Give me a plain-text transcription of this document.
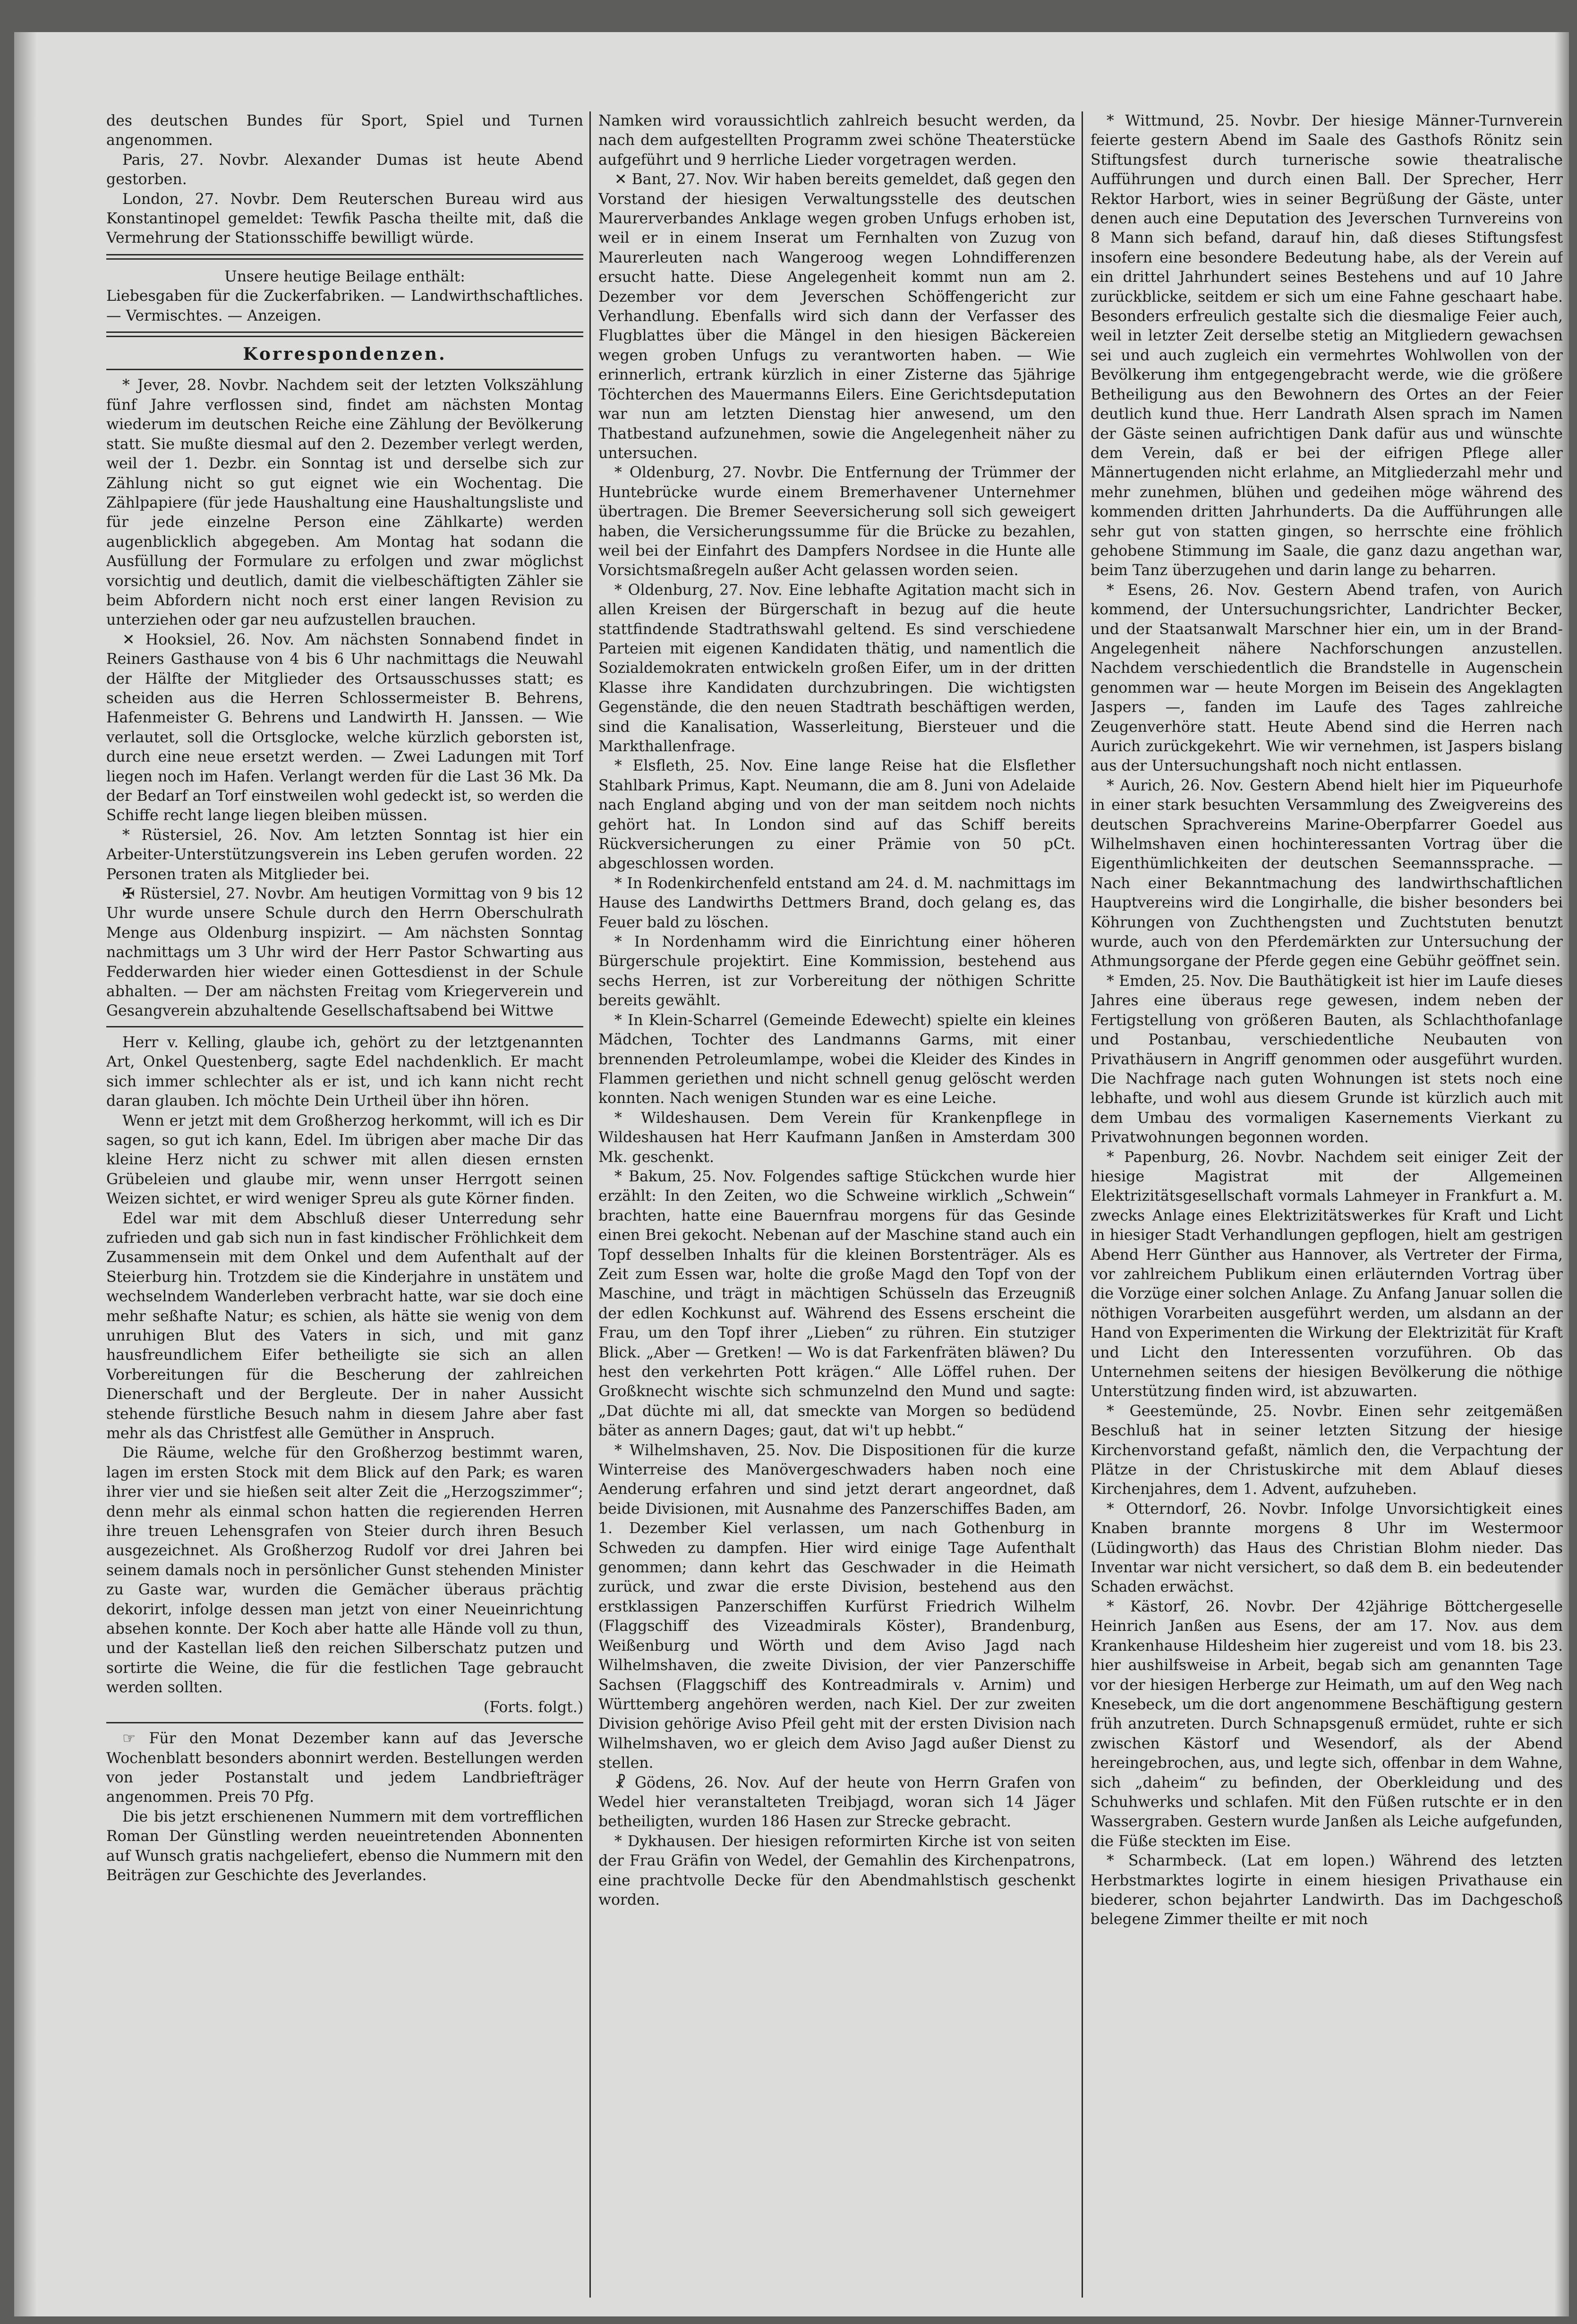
des deutschen Bundes für Sport, Spiel und Turnen angenommen.

Paris, 27. Novbr. Alexander Dumas ist heute Abend gestorben.

London, 27. Novbr. Dem Reuterschen Bureau wird aus Konstantinopel gemeldet: Tewfik Pascha theilte mit, daß die Vermehrung der Stationsschiffe bewilligt würde.

Unsere heutige Beilage enthält:

Liebesgaben für die Zuckerfabriken. — Landwirthschaftliches. — Vermischtes. — Anzeigen.

Korrespondenzen.

* Jever, 28. Novbr. Nachdem seit der letzten Volkszählung fünf Jahre verflossen sind, findet am nächsten Montag wiederum im deutschen Reiche eine Zählung der Bevölkerung statt. Sie mußte diesmal auf den 2. Dezember verlegt werden, weil der 1. Dezbr. ein Sonntag ist und derselbe sich zur Zählung nicht so gut eignet wie ein Wochentag. Die Zählpapiere (für jede Haushaltung eine Haushaltungsliste und für jede einzelne Person eine Zählkarte) werden augenblicklich abgegeben. Am Montag hat sodann die Ausfüllung der Formulare zu erfolgen und zwar möglichst vorsichtig und deutlich, damit die vielbeschäftigten Zähler sie beim Abfordern nicht noch erst einer langen Revision zu unterziehen oder gar neu aufzustellen brauchen.

✕ Hooksiel, 26. Nov. Am nächsten Sonnabend findet in Reiners Gasthause von 4 bis 6 Uhr nachmittags die Neuwahl der Hälfte der Mitglieder des Ortsausschusses statt; es scheiden aus die Herren Schlossermeister B. Behrens, Hafenmeister G. Behrens und Landwirth H. Janssen. — Wie verlautet, soll die Ortsglocke, welche kürzlich geborsten ist, durch eine neue ersetzt werden. — Zwei Ladungen mit Torf liegen noch im Hafen. Verlangt werden für die Last 36 Mk. Da der Bedarf an Torf einstweilen wohl gedeckt ist, so werden die Schiffe recht lange liegen bleiben müssen.

* Rüstersiel, 26. Nov. Am letzten Sonntag ist hier ein Arbeiter-Unterstützungsverein ins Leben gerufen worden. 22 Personen traten als Mitglieder bei.

✠ Rüstersiel, 27. Novbr. Am heutigen Vormittag von 9 bis 12 Uhr wurde unsere Schule durch den Herrn Oberschulrath Menge aus Oldenburg inspizirt. — Am nächsten Sonntag nachmittags um 3 Uhr wird der Herr Pastor Schwarting aus Fedderwarden hier wieder einen Gottesdienst in der Schule abhalten. — Der am nächsten Freitag vom Kriegerverein und Gesangverein abzuhaltende Gesellschaftsabend bei Wittwe

Herr v. Kelling, glaube ich, gehört zu der letztgenannten Art, Onkel Questenberg, sagte Edel nachdenklich. Er macht sich immer schlechter als er ist, und ich kann nicht recht daran glauben. Ich möchte Dein Urtheil über ihn hören.

Wenn er jetzt mit dem Großherzog herkommt, will ich es Dir sagen, so gut ich kann, Edel. Im übrigen aber mache Dir das kleine Herz nicht zu schwer mit allen diesen ernsten Grübeleien und glaube mir, wenn unser Herrgott seinen Weizen sichtet, er wird weniger Spreu als gute Körner finden.

Edel war mit dem Abschluß dieser Unterredung sehr zufrieden und gab sich nun in fast kindischer Fröhlichkeit dem Zusammensein mit dem Onkel und dem Aufenthalt auf der Steierburg hin. Trotzdem sie die Kinderjahre in unstätem und wechselndem Wanderleben verbracht hatte, war sie doch eine mehr seßhafte Natur; es schien, als hätte sie wenig von dem unruhigen Blut des Vaters in sich, und mit ganz hausfreundlichem Eifer betheiligte sie sich an allen Vorbereitungen für die Bescherung der zahlreichen Dienerschaft und der Bergleute. Der in naher Aussicht stehende fürstliche Besuch nahm in diesem Jahre aber fast mehr als das Christfest alle Gemüther in Anspruch.

Die Räume, welche für den Großherzog bestimmt waren, lagen im ersten Stock mit dem Blick auf den Park; es waren ihrer vier und sie hießen seit alter Zeit die „Herzogszimmer“; denn mehr als einmal schon hatten die regierenden Herren ihre treuen Lehensgrafen von Steier durch ihren Besuch ausgezeichnet. Als Großherzog Rudolf vor drei Jahren bei seinem damals noch in persönlicher Gunst stehenden Minister zu Gaste war, wurden die Gemächer überaus prächtig dekorirt, infolge dessen man jetzt von einer Neueinrichtung absehen konnte. Der Koch aber hatte alle Hände voll zu thun, und der Kastellan ließ den reichen Silberschatz putzen und sortirte die Weine, die für die festlichen Tage gebraucht werden sollten.

(Forts. folgt.)

☞ Für den Monat Dezember kann auf das Jeversche Wochenblatt besonders abonnirt werden. Bestellungen werden von jeder Postanstalt und jedem Landbriefträger angenommen. Preis 70 Pfg.

Die bis jetzt erschienenen Nummern mit dem vortrefflichen Roman Der Günstling werden neueintretenden Abonnenten auf Wunsch gratis nachgeliefert, ebenso die Nummern mit den Beiträgen zur Geschichte des Jeverlandes.

Namken wird voraussichtlich zahlreich besucht werden, da nach dem aufgestellten Programm zwei schöne Theaterstücke aufgeführt und 9 herrliche Lieder vorgetragen werden.

✕ Bant, 27. Nov. Wir haben bereits gemeldet, daß gegen den Vorstand der hiesigen Verwaltungsstelle des deutschen Maurerverbandes Anklage wegen groben Unfugs erhoben ist, weil er in einem Inserat um Fernhalten von Zuzug von Maurerleuten nach Wangeroog wegen Lohndifferenzen ersucht hatte. Diese Angelegenheit kommt nun am 2. Dezember vor dem Jeverschen Schöffengericht zur Verhandlung. Ebenfalls wird sich dann der Verfasser des Flugblattes über die Mängel in den hiesigen Bäckereien wegen groben Unfugs zu verantworten haben. — Wie erinnerlich, ertrank kürzlich in einer Zisterne das 5jährige Töchterchen des Mauermanns Eilers. Eine Gerichtsdeputation war nun am letzten Dienstag hier anwesend, um den Thatbestand aufzunehmen, sowie die Angelegenheit näher zu untersuchen.

* Oldenburg, 27. Novbr. Die Entfernung der Trümmer der Huntebrücke wurde einem Bremerhavener Unternehmer übertragen. Die Bremer Seeversicherung soll sich geweigert haben, die Versicherungssumme für die Brücke zu bezahlen, weil bei der Einfahrt des Dampfers Nordsee in die Hunte alle Vorsichtsmaßregeln außer Acht gelassen worden seien.

* Oldenburg, 27. Nov. Eine lebhafte Agitation macht sich in allen Kreisen der Bürgerschaft in bezug auf die heute stattfindende Stadtrathswahl geltend. Es sind verschiedene Parteien mit eigenen Kandidaten thätig, und namentlich die Sozialdemokraten entwickeln großen Eifer, um in der dritten Klasse ihre Kandidaten durchzubringen. Die wichtigsten Gegenstände, die den neuen Stadtrath beschäftigen werden, sind die Kanalisation, Wasserleitung, Biersteuer und die Markthallenfrage.

* Elsfleth, 25. Nov. Eine lange Reise hat die Elsflether Stahlbark Primus, Kapt. Neumann, die am 8. Juni von Adelaide nach England abging und von der man seitdem noch nichts gehört hat. In London sind auf das Schiff bereits Rückversicherungen zu einer Prämie von 50 pCt. abgeschlossen worden.

* In Rodenkirchenfeld entstand am 24. d. M. nachmittags im Hause des Landwirths Dettmers Brand, doch gelang es, das Feuer bald zu löschen.

* In Nordenhamm wird die Einrichtung einer höheren Bürgerschule projektirt. Eine Kommission, bestehend aus sechs Herren, ist zur Vorbereitung der nöthigen Schritte bereits gewählt.

* In Klein-Scharrel (Gemeinde Edewecht) spielte ein kleines Mädchen, Tochter des Landmanns Garms, mit einer brennenden Petroleumlampe, wobei die Kleider des Kindes in Flammen geriethen und nicht schnell genug gelöscht werden konnten. Nach wenigen Stunden war es eine Leiche.

* Wildeshausen. Dem Verein für Krankenpflege in Wildeshausen hat Herr Kaufmann Janßen in Amsterdam 300 Mk. geschenkt.

* Bakum, 25. Nov. Folgendes saftige Stückchen wurde hier erzählt: In den Zeiten, wo die Schweine wirklich „Schwein“ brachten, hatte eine Bauernfrau morgens für das Gesinde einen Brei gekocht. Nebenan auf der Maschine stand auch ein Topf desselben Inhalts für die kleinen Borstenträger. Als es Zeit zum Essen war, holte die große Magd den Topf von der Maschine, und trägt in mächtigen Schüsseln das Erzeugniß der edlen Kochkunst auf. Während des Essens erscheint die Frau, um den Topf ihrer „Lieben“ zu rühren. Ein stutziger Blick. „Aber — Gretken! — Wo is dat Farkenfräten bläwen? Du hest den verkehrten Pott krägen.“ Alle Löffel ruhen. Der Großknecht wischte sich schmunzelnd den Mund und sagte: „Dat düchte mi all, dat smeckte van Morgen so bedüdend bäter as annern Dages; gaut, dat wi't up hebbt.“

* Wilhelmshaven, 25. Nov. Die Dispositionen für die kurze Winterreise des Manövergeschwaders haben noch eine Aenderung erfahren und sind jetzt derart angeordnet, daß beide Divisionen, mit Ausnahme des Panzerschiffes Baden, am 1. Dezember Kiel verlassen, um nach Gothenburg in Schweden zu dampfen. Hier wird einige Tage Aufenthalt genommen; dann kehrt das Geschwader in die Heimath zurück, und zwar die erste Division, bestehend aus den erstklassigen Panzerschiffen Kurfürst Friedrich Wilhelm (Flaggschiff des Vizeadmirals Köster), Brandenburg, Weißenburg und Wörth und dem Aviso Jagd nach Wilhelmshaven, die zweite Division, der vier Panzerschiffe Sachsen (Flaggschiff des Kontreadmirals v. Arnim) und Württemberg angehören werden, nach Kiel. Der zur zweiten Division gehörige Aviso Pfeil geht mit der ersten Division nach Wilhelmshaven, wo er gleich dem Aviso Jagd außer Dienst zu stellen.

☧ Gödens, 26. Nov. Auf der heute von Herrn Grafen von Wedel hier veranstalteten Treibjagd, woran sich 14 Jäger betheiligten, wurden 186 Hasen zur Strecke gebracht.

* Dykhausen. Der hiesigen reformirten Kirche ist von seiten der Frau Gräfin von Wedel, der Gemahlin des Kirchenpatrons, eine prachtvolle Decke für den Abendmahlstisch geschenkt worden.

* Wittmund, 25. Novbr. Der hiesige Männer-Turnverein feierte gestern Abend im Saale des Gasthofs Rönitz sein Stiftungsfest durch turnerische sowie theatralische Aufführungen und durch einen Ball. Der Sprecher, Herr Rektor Harbort, wies in seiner Begrüßung der Gäste, unter denen auch eine Deputation des Jeverschen Turnvereins von 8 Mann sich befand, darauf hin, daß dieses Stiftungsfest insofern eine besondere Bedeutung habe, als der Verein auf ein drittel Jahrhundert seines Bestehens und auf 10 Jahre zurückblicke, seitdem er sich um eine Fahne geschaart habe. Besonders erfreulich gestalte sich die diesmalige Feier auch, weil in letzter Zeit derselbe stetig an Mitgliedern gewachsen sei und auch zugleich ein vermehrtes Wohlwollen von der Bevölkerung ihm entgegengebracht werde, wie die größere Betheiligung aus den Bewohnern des Ortes an der Feier deutlich kund thue. Herr Landrath Alsen sprach im Namen der Gäste seinen aufrichtigen Dank dafür aus und wünschte dem Verein, daß er bei der eifrigen Pflege aller Männertugenden nicht erlahme, an Mitgliederzahl mehr und mehr zunehmen, blühen und gedeihen möge während des kommenden dritten Jahrhunderts. Da die Aufführungen alle sehr gut von statten gingen, so herrschte eine fröhlich gehobene Stimmung im Saale, die ganz dazu angethan war, beim Tanz überzugehen und darin lange zu beharren.

* Esens, 26. Nov. Gestern Abend trafen, von Aurich kommend, der Untersuchungsrichter, Landrichter Becker, und der Staatsanwalt Marschner hier ein, um in der Brand-Angelegenheit nähere Nachforschungen anzustellen. Nachdem verschiedentlich die Brandstelle in Augenschein genommen war — heute Morgen im Beisein des Angeklagten Jaspers —, fanden im Laufe des Tages zahlreiche Zeugenverhöre statt. Heute Abend sind die Herren nach Aurich zurückgekehrt. Wie wir vernehmen, ist Jaspers bislang aus der Untersuchungshaft noch nicht entlassen.

* Aurich, 26. Nov. Gestern Abend hielt hier im Piqueurhofe in einer stark besuchten Versammlung des Zweigvereins des deutschen Sprachvereins Marine-Oberpfarrer Goedel aus Wilhelmshaven einen hochinteressanten Vortrag über die Eigenthümlichkeiten der deutschen Seemannssprache. — Nach einer Bekanntmachung des landwirthschaftlichen Hauptvereins wird die Longirhalle, die bisher besonders bei Köhrungen von Zuchthengsten und Zuchtstuten benutzt wurde, auch von den Pferdemärkten zur Untersuchung der Athmungsorgane der Pferde gegen eine Gebühr geöffnet sein.

* Emden, 25. Nov. Die Bauthätigkeit ist hier im Laufe dieses Jahres eine überaus rege gewesen, indem neben der Fertigstellung von größeren Bauten, als Schlachthofanlage und Postanbau, verschiedentliche Neubauten von Privathäusern in Angriff genommen oder ausgeführt wurden. Die Nachfrage nach guten Wohnungen ist stets noch eine lebhafte, und wohl aus diesem Grunde ist kürzlich auch mit dem Umbau des vormaligen Kasernements Vierkant zu Privatwohnungen begonnen worden.

* Papenburg, 26. Novbr. Nachdem seit einiger Zeit der hiesige Magistrat mit der Allgemeinen Elektrizitätsgesellschaft vormals Lahmeyer in Frankfurt a. M. zwecks Anlage eines Elektrizitätswerkes für Kraft und Licht in hiesiger Stadt Verhandlungen gepflogen, hielt am gestrigen Abend Herr Günther aus Hannover, als Vertreter der Firma, vor zahlreichem Publikum einen erläuternden Vortrag über die Vorzüge einer solchen Anlage. Zu Anfang Januar sollen die nöthigen Vorarbeiten ausgeführt werden, um alsdann an der Hand von Experimenten die Wirkung der Elektrizität für Kraft und Licht den Interessenten vorzuführen. Ob das Unternehmen seitens der hiesigen Bevölkerung die nöthige Unterstützung finden wird, ist abzuwarten.

* Geestemünde, 25. Novbr. Einen sehr zeitgemäßen Beschluß hat in seiner letzten Sitzung der hiesige Kirchenvorstand gefaßt, nämlich den, die Verpachtung der Plätze in der Christuskirche mit dem Ablauf dieses Kirchenjahres, dem 1. Advent, aufzuheben.

* Otterndorf, 26. Novbr. Infolge Unvorsichtigkeit eines Knaben brannte morgens 8 Uhr im Westermoor (Lüdingworth) das Haus des Christian Blohm nieder. Das Inventar war nicht versichert, so daß dem B. ein bedeutender Schaden erwächst.

* Kästorf, 26. Novbr. Der 42jährige Böttchergeselle Heinrich Janßen aus Esens, der am 17. Nov. aus dem Krankenhause Hildesheim hier zugereist und vom 18. bis 23. hier aushilfsweise in Arbeit, begab sich am genannten Tage vor der hiesigen Herberge zur Heimath, um auf den Weg nach Knesebeck, um die dort angenommene Beschäftigung gestern früh anzutreten. Durch Schnapsgenuß ermüdet, ruhte er sich zwischen Kästorf und Wesendorf, als der Abend hereingebrochen, aus, und legte sich, offenbar in dem Wahne, sich „daheim“ zu befinden, der Oberkleidung und des Schuhwerks und schlafen. Mit den Füßen rutschte er in den Wassergraben. Gestern wurde Janßen als Leiche aufgefunden, die Füße steckten im Eise.

* Scharmbeck. (Lat em lopen.) Während des letzten Herbstmarktes logirte in einem hiesigen Privathause ein biederer, schon bejahrter Landwirth. Das im Dachgeschoß belegene Zimmer theilte er mit noch
